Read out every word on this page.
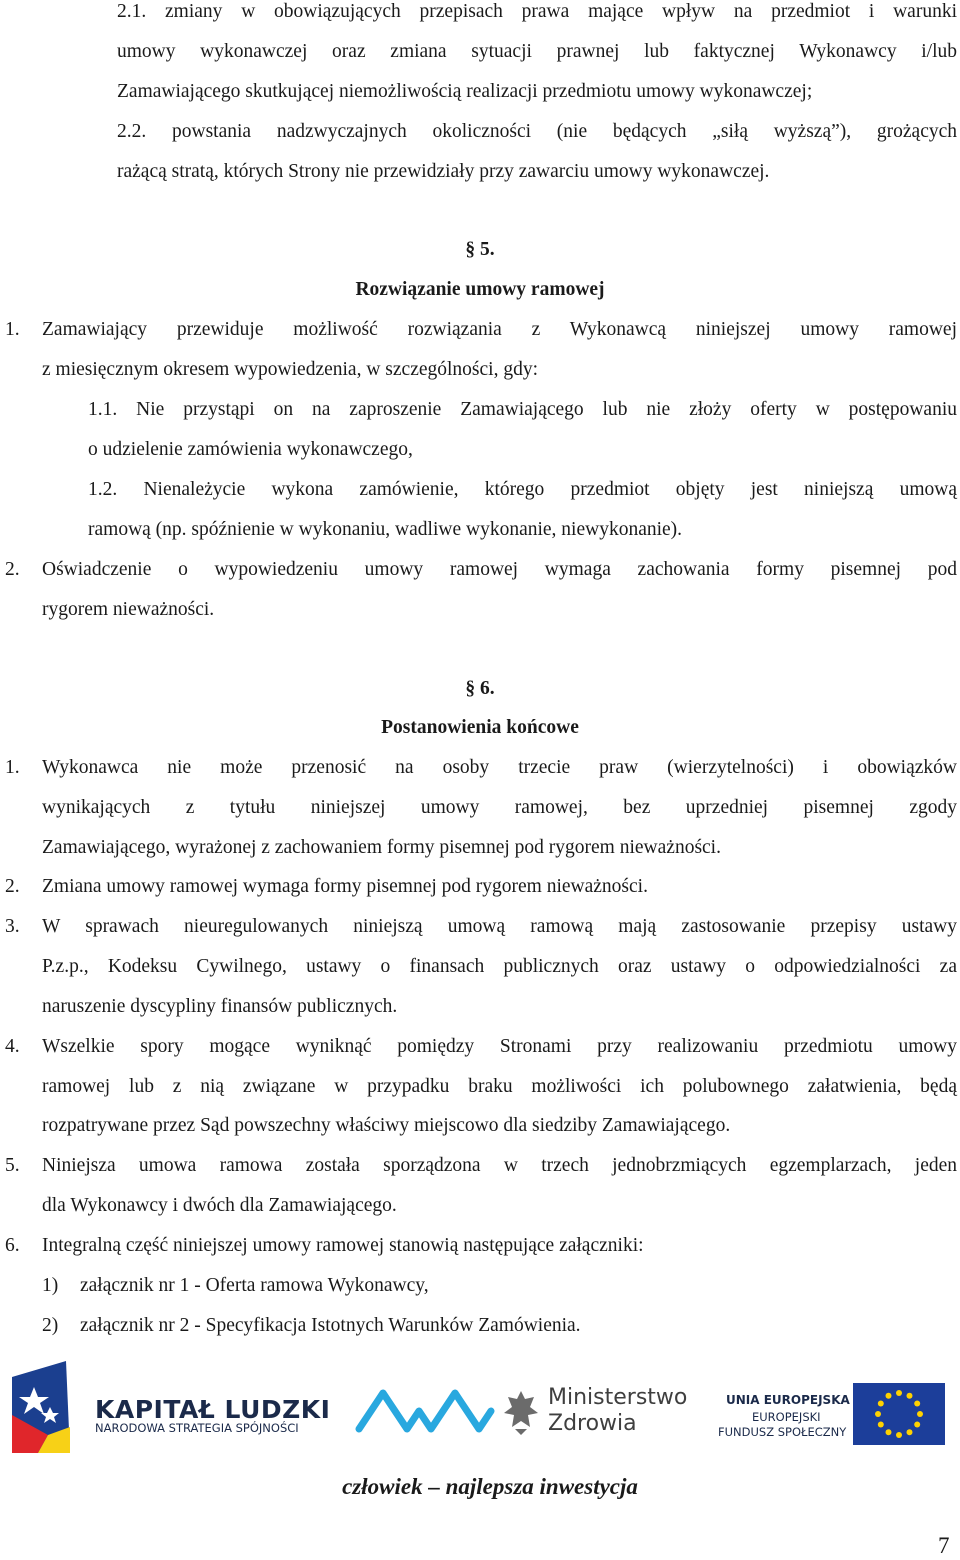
2.1. zmiany w obowiązujących przepisach prawa mające wpływ na przedmiot i warunki
umowy wykonawczej oraz zmiana sytuacji prawnej lub faktycznej Wykonawcy i/lub
Zamawiającego skutkującej niemożliwością realizacji przedmiotu umowy wykonawczej;
2.2. powstania nadzwyczajnych okoliczności (nie będących „siłą wyższą”), grożących
rażącą stratą, których Strony nie przewidziały przy zawarciu umowy wykonawczej.
§ 5.
Rozwiązanie umowy ramowej
1. Zamawiający przewiduje możliwość rozwiązania z Wykonawcą niniejszej umowy ramowej
z miesięcznym okresem wypowiedzenia, w szczególności, gdy:
1.1. Nie przystąpi on na zaproszenie Zamawiającego lub nie złoży oferty w postępowaniu
o udzielenie zamówienia wykonawczego,
1.2. Nienależycie wykona zamówienie, którego przedmiot objęty jest niniejszą umową
ramową (np. spóźnienie w wykonaniu, wadliwe wykonanie, niewykonanie).
2. Oświadczenie o wypowiedzeniu umowy ramowej wymaga zachowania formy pisemnej pod
rygorem nieważności.
§ 6.
Postanowienia końcowe
1. Wykonawca nie może przenosić na osoby trzecie praw (wierzytelności) i obowiązków
wynikających z tytułu niniejszej umowy ramowej, bez uprzedniej pisemnej zgody
Zamawiającego, wyrażonej z zachowaniem formy pisemnej pod rygorem nieważności.
2. Zmiana umowy ramowej wymaga formy pisemnej pod rygorem nieważności.
3. W sprawach nieuregulowanych niniejszą umową ramową mają zastosowanie przepisy ustawy
P.z.p., Kodeksu Cywilnego, ustawy o finansach publicznych oraz ustawy o odpowiedzialności za
naruszenie dyscypliny finansów publicznych.
4. Wszelkie spory mogące wyniknąć pomiędzy Stronami przy realizowaniu przedmiotu umowy
ramowej lub z nią związane w przypadku braku możliwości ich polubownego załatwienia, będą
rozpatrywane przez Sąd powszechny właściwy miejscowo dla siedziby Zamawiającego.
5. Niniejsza umowa ramowa została sporządzona w trzech jednobrzmiących egzemplarzach, jeden
dla Wykonawcy i dwóch dla Zamawiającego.
6. Integralną część niniejszej umowy ramowej stanowią następujące załączniki:
1) załącznik nr 1 - Oferta ramowa Wykonawcy,
2) załącznik nr 2 - Specyfikacja Istotnych Warunków Zamówienia.
KAPITAŁ LUDZKI
NARODOWA STRATEGIA SPÓJNOŚCI
Ministerstwo
Zdrowia
UNIA EUROPEJSKA
EUROPEJSKI
FUNDUSZ SPOŁECZNY
człowiek – najlepsza inwestycja
7
